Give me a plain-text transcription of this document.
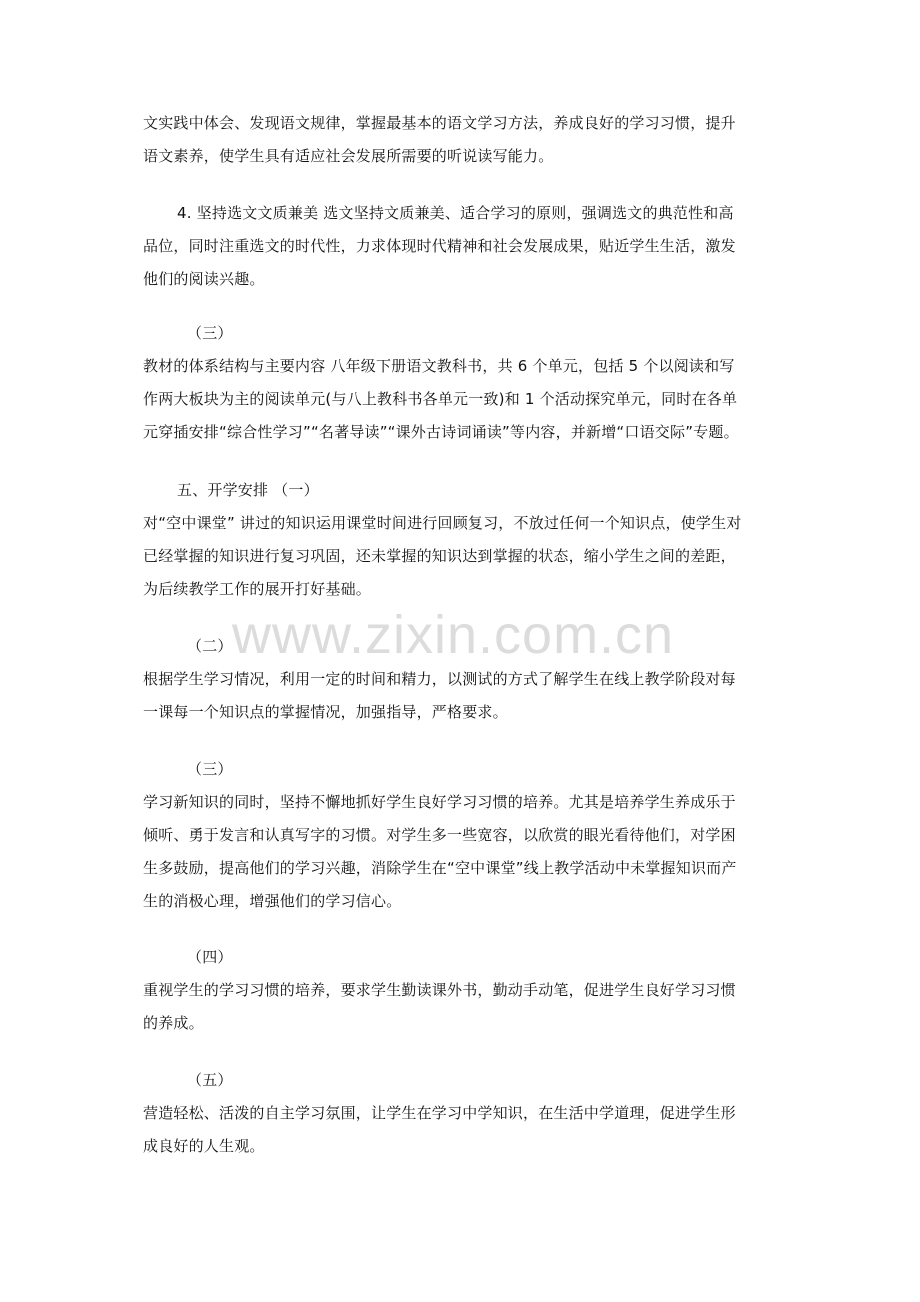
文实践中体会、发现语文规律，掌握最基本的语文学习方法，养成良好的学习习惯，提升
语文素养，使学生具有适应社会发展所需要的听说读写能力。
4. 坚持选文文质兼美 选文坚持文质兼美、适合学习的原则，强调选文的典范性和高
品位，同时注重选文的时代性，力求体现时代精神和社会发展成果，贴近学生生活，激发
他们的阅读兴趣。
（三）
教材的体系结构与主要内容 八年级下册语文教科书，共 6 个单元，包括 5 个以阅读和写
作两大板块为主的阅读单元(与八上教科书各单元一致)和 1 个活动探究单元，同时在各单
元穿插安排“综合性学习”“名著导读”“课外古诗词诵读”等内容，并新增“口语交际”专题。
五、开学安排 （一）
对“空中课堂” 讲过的知识运用课堂时间进行回顾复习，不放过任何一个知识点，使学生对
已经掌握的知识进行复习巩固，还未掌握的知识达到掌握的状态，缩小学生之间的差距，
为后续教学工作的展开打好基础。
（二）
根据学生学习情况，利用一定的时间和精力，以测试的方式了解学生在线上教学阶段对每
一课每一个知识点的掌握情况，加强指导，严格要求。
（三）
学习新知识的同时，坚持不懈地抓好学生良好学习习惯的培养。尤其是培养学生养成乐于
倾听、勇于发言和认真写字的习惯。对学生多一些宽容，以欣赏的眼光看待他们，对学困
生多鼓励，提高他们的学习兴趣，消除学生在“空中课堂”线上教学活动中未掌握知识而产
生的消极心理，增强他们的学习信心。
（四）
重视学生的学习习惯的培养，要求学生勤读课外书，勤动手动笔，促进学生良好学习习惯
的养成。
（五）
营造轻松、活泼的自主学习氛围，让学生在学习中学知识，在生活中学道理，促进学生形
成良好的人生观。
www.zixin.com.cn
